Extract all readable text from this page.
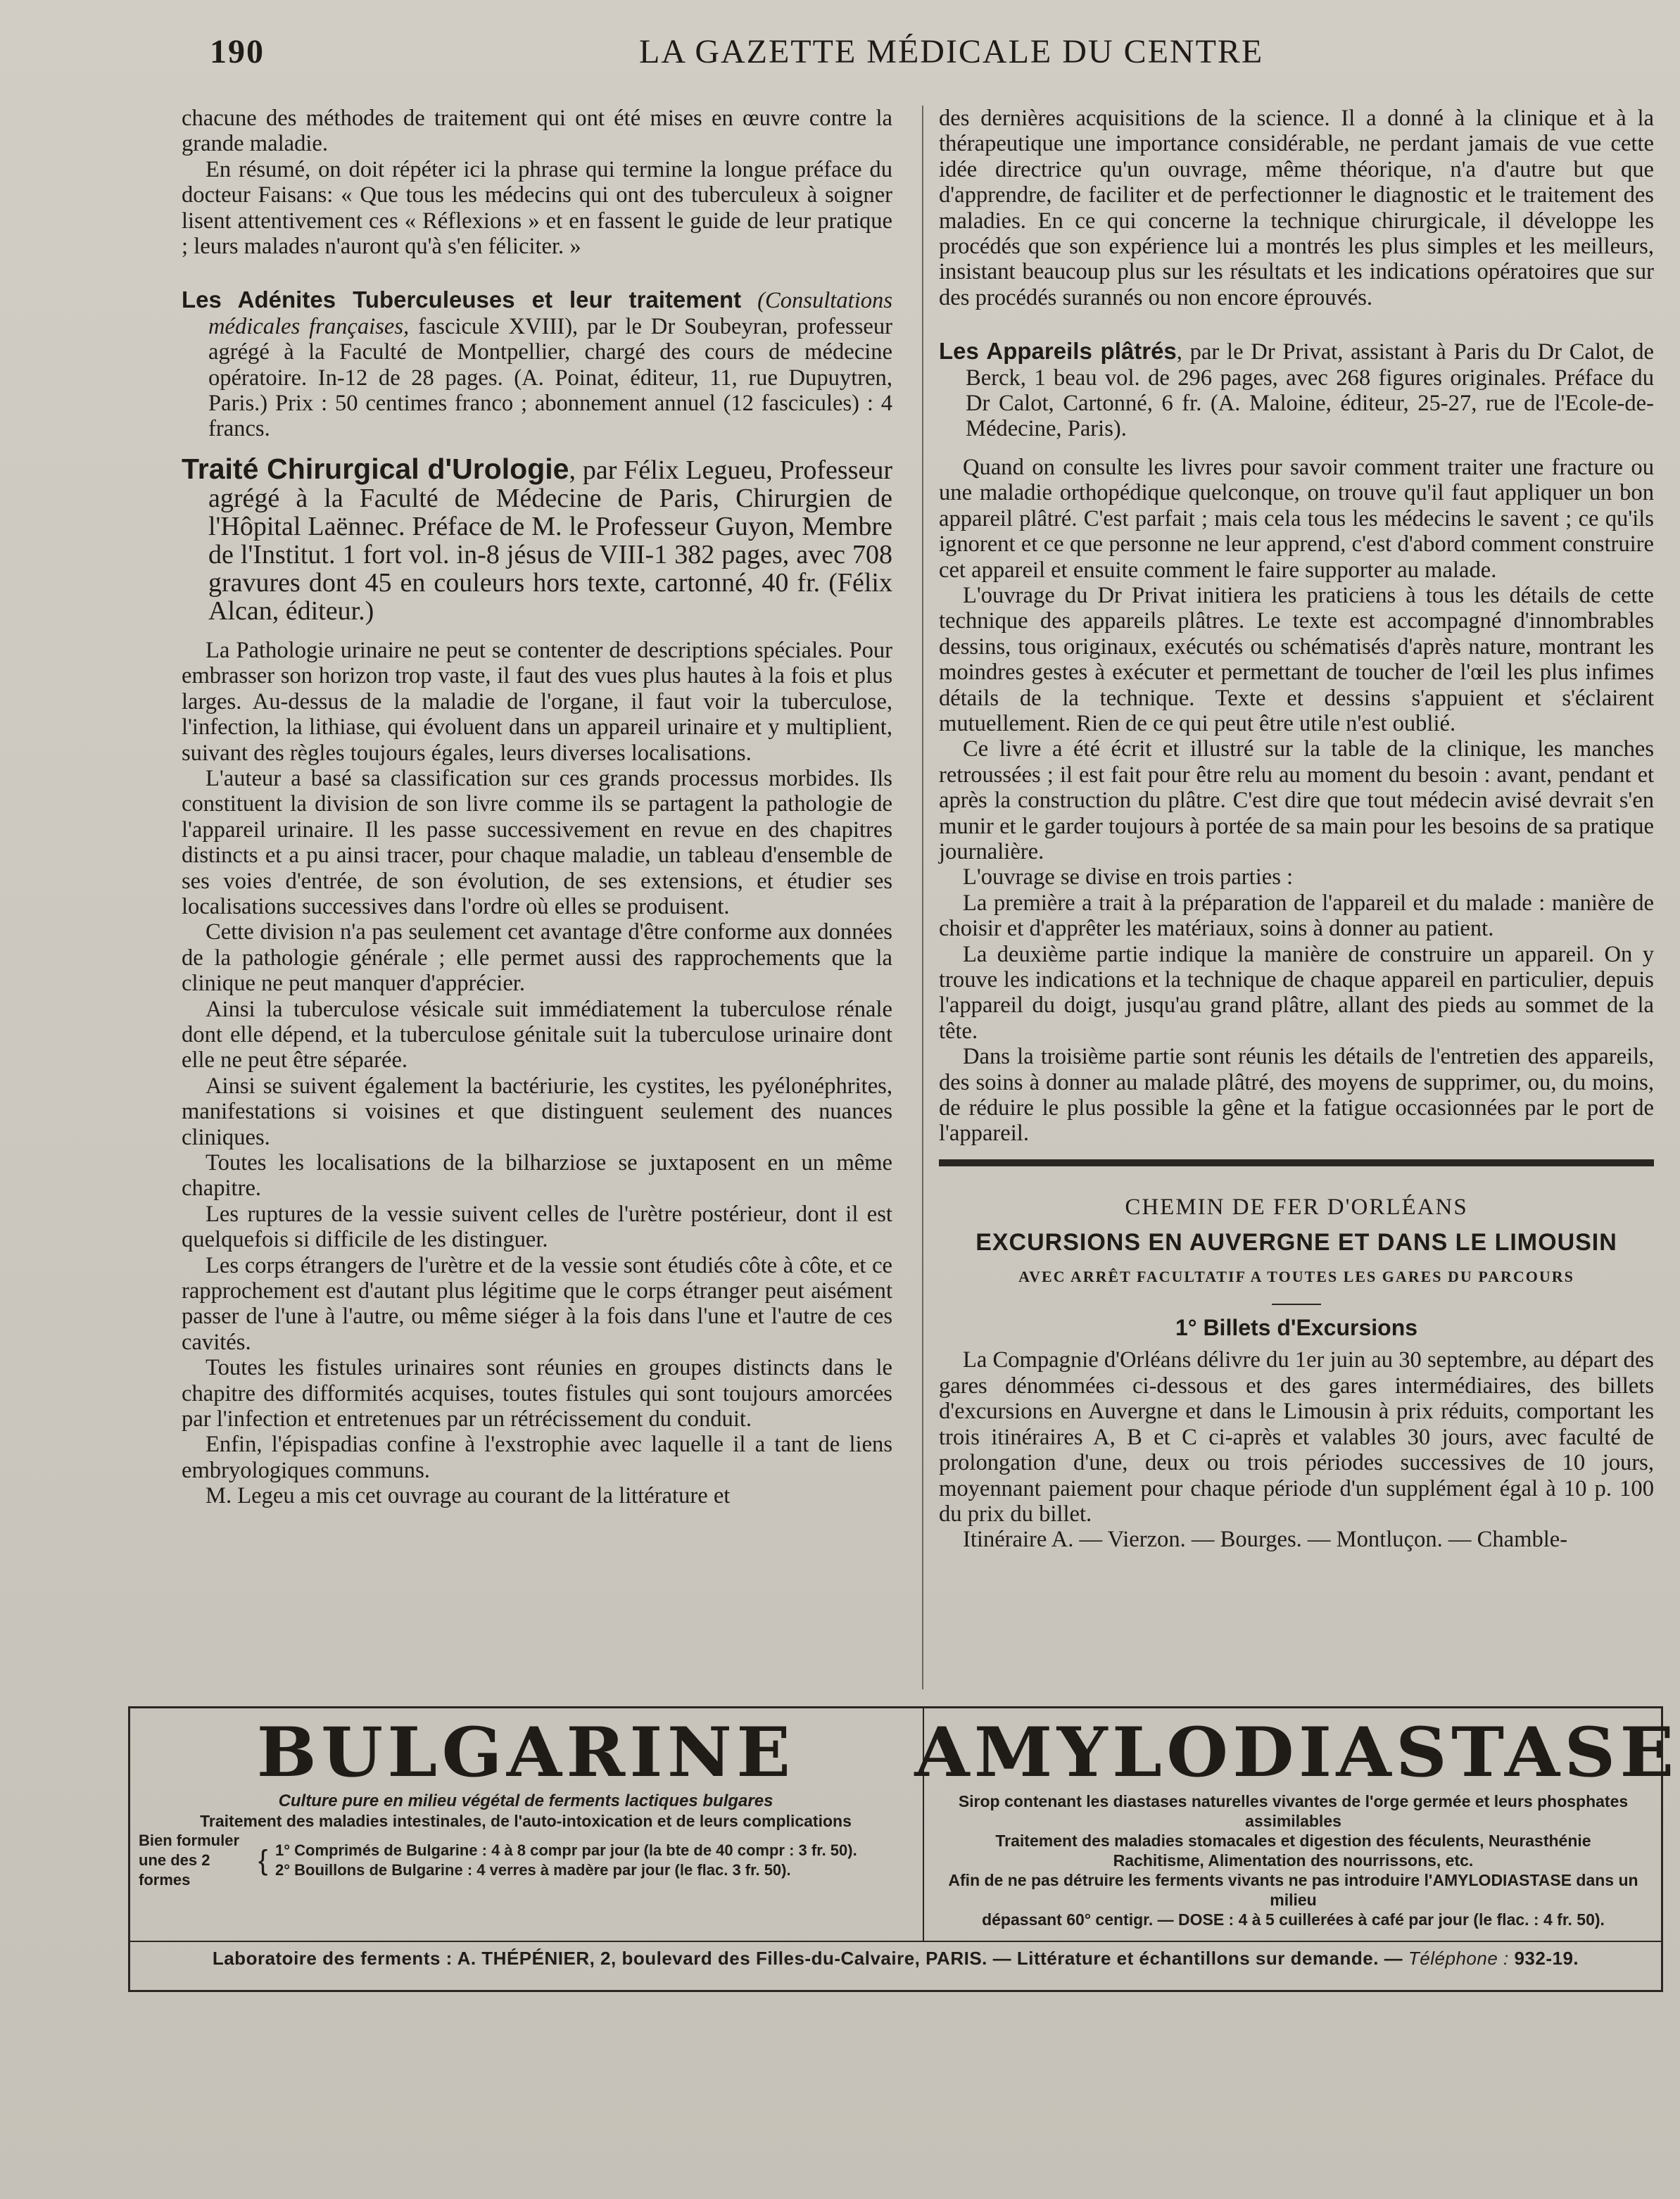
190	LA GAZETTE MÉDICALE DU CENTRE

chacune des méthodes de traitement qui ont été mises en œuvre contre la grande maladie.

En résumé, on doit répéter ici la phrase qui termine la longue préface du docteur Faisans: « Que tous les médecins qui ont des tuberculeux à soigner lisent attentivement ces « Réflexions » et en fassent le guide de leur pratique ; leurs malades n'auront qu'à s'en féliciter. »

Les Adénites Tuberculeuses et leur traitement (Consultations médicales françaises, fascicule XVIII), par le Dr Soubeyran, professeur agrégé à la Faculté de Montpellier, chargé des cours de médecine opératoire. In-12 de 28 pages. (A. Poinat, éditeur, 11, rue Dupuytren, Paris.) Prix : 50 centimes franco ; abonnement annuel (12 fascicules) : 4 francs.

Traité Chirurgical d'Urologie, par Félix Legueu, Professeur agrégé à la Faculté de Médecine de Paris, Chirurgien de l'Hôpital Laënnec. Préface de M. le Professeur Guyon, Membre de l'Institut. 1 fort vol. in-8 jésus de VIII-1 382 pages, avec 708 gravures dont 45 en couleurs hors texte, cartonné, 40 fr. (Félix Alcan, éditeur.)

La Pathologie urinaire ne peut se contenter de descriptions spéciales. Pour embrasser son horizon trop vaste, il faut des vues plus hautes à la fois et plus larges. Au-dessus de la maladie de l'organe, il faut voir la tuberculose, l'infection, la lithiase, qui évoluent dans un appareil urinaire et y multiplient, suivant des règles toujours égales, leurs diverses localisations.

L'auteur a basé sa classification sur ces grands processus morbides. Ils constituent la division de son livre comme ils se partagent la pathologie de l'appareil urinaire. Il les passe successivement en revue en des chapitres distincts et a pu ainsi tracer, pour chaque maladie, un tableau d'ensemble de ses voies d'entrée, de son évolution, de ses extensions, et étudier ses localisations successives dans l'ordre où elles se produisent.

Cette division n'a pas seulement cet avantage d'être conforme aux données de la pathologie générale ; elle permet aussi des rapprochements que la clinique ne peut manquer d'apprécier.

Ainsi la tuberculose vésicale suit immédiatement la tuberculose rénale dont elle dépend, et la tuberculose génitale suit la tuberculose urinaire dont elle ne peut être séparée.

Ainsi se suivent également la bactériurie, les cystites, les pyélonéphrites, manifestations si voisines et que distinguent seulement des nuances cliniques.

Toutes les localisations de la bilharziose se juxtaposent en un même chapitre.

Les ruptures de la vessie suivent celles de l'urètre postérieur, dont il est quelquefois si difficile de les distinguer.

Les corps étrangers de l'urètre et de la vessie sont étudiés côte à côte, et ce rapprochement est d'autant plus légitime que le corps étranger peut aisément passer de l'une à l'autre, ou même siéger à la fois dans l'une et l'autre de ces cavités.

Toutes les fistules urinaires sont réunies en groupes distincts dans le chapitre des difformités acquises, toutes fistules qui sont toujours amorcées par l'infection et entretenues par un rétrécissement du conduit.

Enfin, l'épispadias confine à l'exstrophie avec laquelle il a tant de liens embryologiques communs.

M. Legeu a mis cet ouvrage au courant de la littérature et

des dernières acquisitions de la science. Il a donné à la clinique et à la thérapeutique une importance considérable, ne perdant jamais de vue cette idée directrice qu'un ouvrage, même théorique, n'a d'autre but que d'apprendre, de faciliter et de perfectionner le diagnostic et le traitement des maladies. En ce qui concerne la technique chirurgicale, il développe les procédés que son expérience lui a montrés les plus simples et les meilleurs, insistant beaucoup plus sur les résultats et les indications opératoires que sur des procédés surannés ou non encore éprouvés.

Les Appareils plâtrés, par le Dr Privat, assistant à Paris du Dr Calot, de Berck, 1 beau vol. de 296 pages, avec 268 figures originales. Préface du Dr Calot, Cartonné, 6 fr. (A. Maloine, éditeur, 25-27, rue de l'Ecole-de-Médecine, Paris).

Quand on consulte les livres pour savoir comment traiter une fracture ou une maladie orthopédique quelconque, on trouve qu'il faut appliquer un bon appareil plâtré. C'est parfait ; mais cela tous les médecins le savent ; ce qu'ils ignorent et ce que personne ne leur apprend, c'est d'abord comment construire cet appareil et ensuite comment le faire supporter au malade.

L'ouvrage du Dr Privat initiera les praticiens à tous les détails de cette technique des appareils plâtres. Le texte est accompagné d'innombrables dessins, tous originaux, exécutés ou schématisés d'après nature, montrant les moindres gestes à exécuter et permettant de toucher de l'œil les plus infimes détails de la technique. Texte et dessins s'appuient et s'éclairent mutuellement. Rien de ce qui peut être utile n'est oublié.

Ce livre a été écrit et illustré sur la table de la clinique, les manches retroussées ; il est fait pour être relu au moment du besoin : avant, pendant et après la construction du plâtre. C'est dire que tout médecin avisé devrait s'en munir et le garder toujours à portée de sa main pour les besoins de sa pratique journalière.

L'ouvrage se divise en trois parties :

La première a trait à la préparation de l'appareil et du malade : manière de choisir et d'apprêter les matériaux, soins à donner au patient.

La deuxième partie indique la manière de construire un appareil. On y trouve les indications et la technique de chaque appareil en particulier, depuis l'appareil du doigt, jusqu'au grand plâtre, allant des pieds au sommet de la tête.

Dans la troisième partie sont réunis les détails de l'entretien des appareils, des soins à donner au malade plâtré, des moyens de supprimer, ou, du moins, de réduire le plus possible la gêne et la fatigue occasionnées par le port de l'appareil.

CHEMIN DE FER D'ORLÉANS
EXCURSIONS EN AUVERGNE ET DANS LE LIMOUSIN
AVEC ARRÊT FACULTATIF A TOUTES LES GARES DU PARCOURS
1° Billets d'Excursions

La Compagnie d'Orléans délivre du 1er juin au 30 septembre, au départ des gares dénommées ci-dessous et des gares intermédiaires, des billets d'excursions en Auvergne et dans le Limousin à prix réduits, comportant les trois itinéraires A, B et C ci-après et valables 30 jours, avec faculté de prolongation d'une, deux ou trois périodes successives de 10 jours, moyennant paiement pour chaque période d'un supplément égal à 10 p. 100 du prix du billet.

Itinéraire A. — Vierzon. — Bourges. — Montluçon. — Chamble-

BULGARINE
Culture pure en milieu végétal de ferments lactiques bulgares
Traitement des maladies intestinales, de l'auto-intoxication et de leurs complications
Bien formuler
une des 2 formes
{ 1° Comprimés de Bulgarine : 4 à 8 compr par jour (la bte de 40 compr : 3 fr. 50).
2° Bouillons de Bulgarine : 4 verres à madère par jour (le flac. 3 fr. 50).
AMYLODIASTASE
Sirop contenant les diastases naturelles vivantes de l'orge germée et leurs phosphates assimilables
Traitement des maladies stomacales et digestion des féculents, Neurasthénie
Rachitisme, Alimentation des nourrissons, etc.
Afin de ne pas détruire les ferments vivants ne pas introduire l'AMYLODIASTASE dans un milieu
dépassant 60° centigr. — DOSE : 4 à 5 cuillerées à café par jour (le flac. : 4 fr. 50).
Laboratoire des ferments : A. THÉPÉNIER, 2, boulevard des Filles-du-Calvaire, PARIS. — Littérature et échantillons sur demande. — Téléphone : 932-19.
